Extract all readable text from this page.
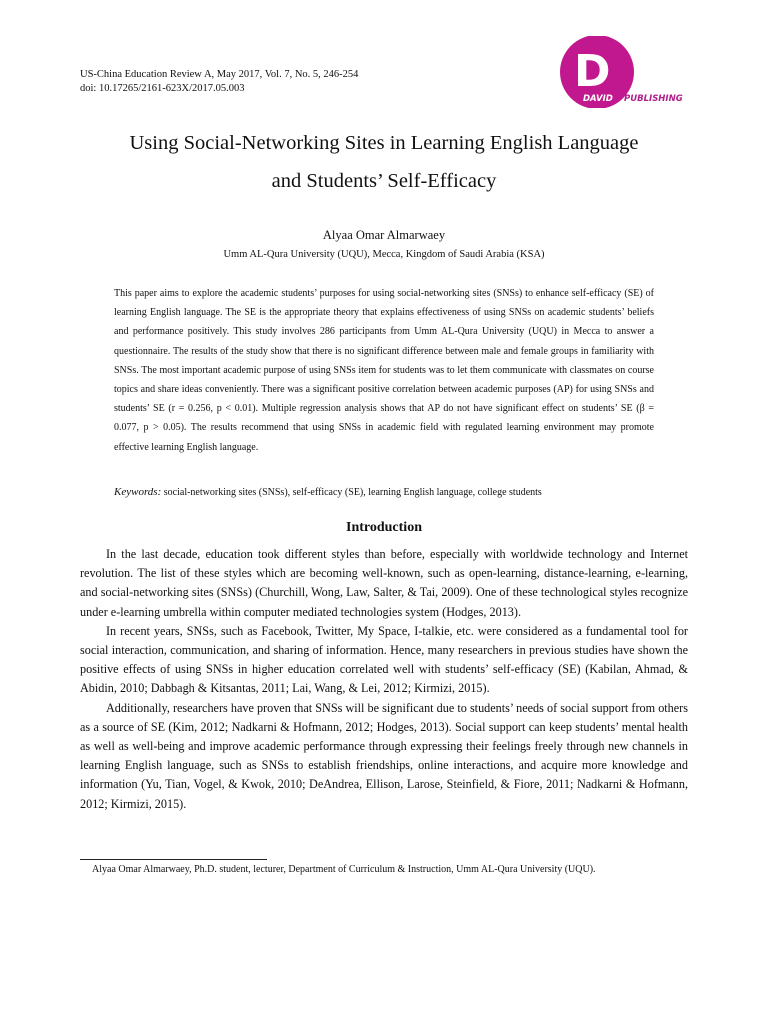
US-China Education Review A, May 2017, Vol. 7, No. 5, 246-254
doi: 10.17265/2161-623X/2017.05.003	D
DAVID PUBLISHING
Using Social-Networking Sites in Learning English Language
and Students’ Self-Efficacy
Alyaa Omar Almarwaey
Umm AL-Qura University (UQU), Mecca, Kingdom of Saudi Arabia (KSA)
This paper aims to explore the academic students’ purposes for using social-networking sites (SNSs) to enhance self-efficacy (SE) of learning English language. The SE is the appropriate theory that explains effectiveness of using SNSs on academic students’ beliefs and performance positively. This study involves 286 participants from Umm AL-Qura University (UQU) in Mecca to answer a questionnaire. The results of the study show that there is no significant difference between male and female groups in familiarity with SNSs. The most important academic purpose of using SNSs item for students was to let them communicate with classmates on course topics and share ideas conveniently. There was a significant positive correlation between academic purposes (AP) for using SNSs and students’ SE (r = 0.256, p < 0.01). Multiple regression analysis shows that AP do not have significant effect on students’ SE (β = 0.077, p > 0.05). The results recommend that using SNSs in academic field with regulated learning environment may promote effective learning English language.
Keywords: social-networking sites (SNSs), self-efficacy (SE), learning English language, college students
Introduction

In the last decade, education took different styles than before, especially with worldwide technology and Internet revolution. The list of these styles which are becoming well-known, such as open-learning, distance-learning, e-learning, and social-networking sites (SNSs) (Churchill, Wong, Law, Salter, & Tai, 2009). One of these technological styles recognize under e-learning umbrella within computer mediated technologies system (Hodges, 2013).

In recent years, SNSs, such as Facebook, Twitter, My Space, I-talkie, etc. were considered as a fundamental tool for social interaction, communication, and sharing of information. Hence, many researchers in previous studies have shown the positive effects of using SNSs in higher education correlated well with students’ self-efficacy (SE) (Kabilan, Ahmad, & Abidin, 2010; Dabbagh & Kitsantas, 2011; Lai, Wang, & Lei, 2012; Kirmizi, 2015).

Additionally, researchers have proven that SNSs will be significant due to students’ needs of social support from others as a source of SE (Kim, 2012; Nadkarni & Hofmann, 2012; Hodges, 2013). Social support can keep students’ mental health as well as well-being and improve academic performance through expressing their feelings freely through new channels in learning English language, such as SNSs to establish friendships, online interactions, and acquire more knowledge and information (Yu, Tian, Vogel, & Kwok, 2010; DeAndrea, Ellison, Larose, Steinfield, & Fiore, 2011; Nadkarni & Hofmann, 2012; Kirmizi, 2015).

Alyaa Omar Almarwaey, Ph.D. student, lecturer, Department of Curriculum & Instruction, Umm AL-Qura University (UQU).
